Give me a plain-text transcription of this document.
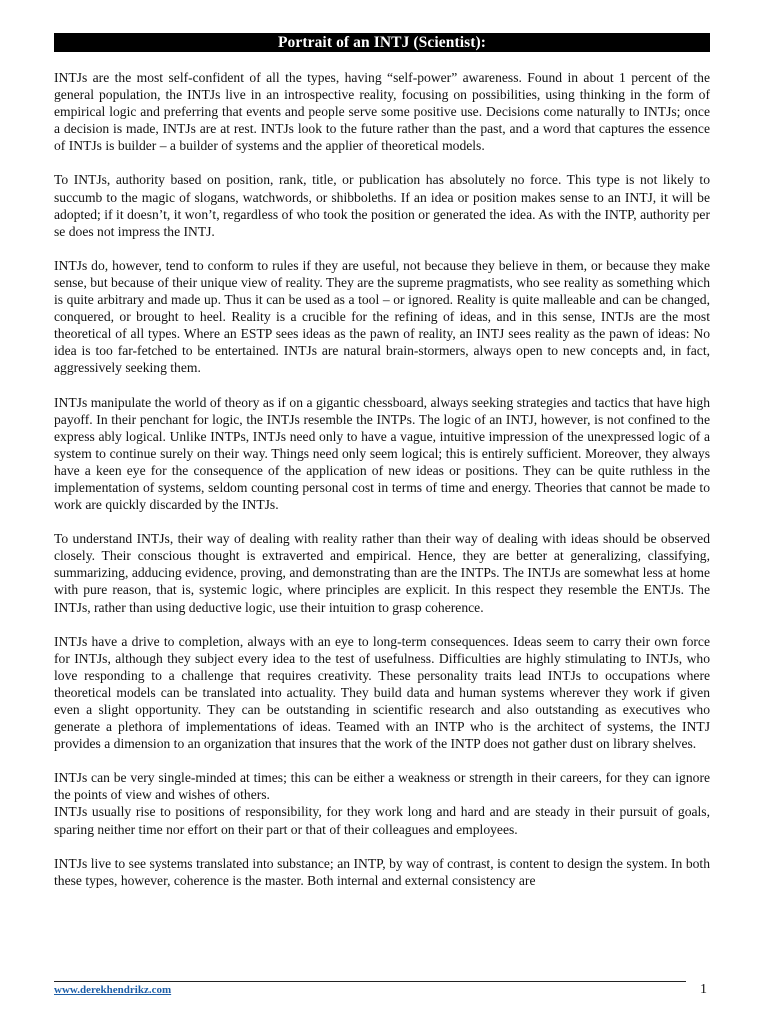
Portrait of an INTJ (Scientist):

INTJs are the most self-confident of all the types, having “self-power” awareness. Found in about 1 percent of the general population, the INTJs live in an introspective reality, focusing on possibilities, using thinking in the form of empirical logic and preferring that events and people serve some positive use. Decisions come naturally to INTJs; once a decision is made, INTJs are at rest. INTJs look to the future rather than the past, and a word that captures the essence of INTJs is builder – a builder of systems and the applier of theoretical models.

To INTJs, authority based on position, rank, title, or publication has absolutely no force. This type is not likely to succumb to the magic of slogans, watchwords, or shibboleths. If an idea or position makes sense to an INTJ, it will be adopted; if it doesn’t, it won’t, regardless of who took the position or generated the idea. As with the INTP, authority per se does not impress the INTJ.

INTJs do, however, tend to conform to rules if they are useful, not because they believe in them, or because they make sense, but because of their unique view of reality. They are the supreme pragmatists, who see reality as something which is quite arbitrary and made up. Thus it can be used as a tool – or ignored. Reality is quite malleable and can be changed, conquered, or brought to heel. Reality is a crucible for the refining of ideas, and in this sense, INTJs are the most theoretical of all types. Where an ESTP sees ideas as the pawn of reality, an INTJ sees reality as the pawn of ideas: No idea is too far-fetched to be entertained. INTJs are natural brain-stormers, always open to new concepts and, in fact, aggressively seeking them.

INTJs manipulate the world of theory as if on a gigantic chessboard, always seeking strategies and tactics that have high payoff. In their penchant for logic, the INTJs resemble the INTPs. The logic of an INTJ, however, is not confined to the express ably logical. Unlike INTPs, INTJs need only to have a vague, intuitive impression of the unexpressed logic of a system to continue surely on their way. Things need only seem logical; this is entirely sufficient. Moreover, they always have a keen eye for the consequence of the application of new ideas or positions. They can be quite ruthless in the implementation of systems, seldom counting personal cost in terms of time and energy. Theories that cannot be made to work are quickly discarded by the INTJs.

To understand INTJs, their way of dealing with reality rather than their way of dealing with ideas should be observed closely. Their conscious thought is extraverted and empirical. Hence, they are better at generalizing, classifying, summarizing, adducing evidence, proving, and demonstrating than are the INTPs. The INTJs are somewhat less at home with pure reason, that is, systemic logic, where principles are explicit. In this respect they resemble the ENTJs. The INTJs, rather than using deductive logic, use their intuition to grasp coherence.

INTJs have a drive to completion, always with an eye to long-term consequences. Ideas seem to carry their own force for INTJs, although they subject every idea to the test of usefulness. Difficulties are highly stimulating to INTJs, who love responding to a challenge that requires creativity. These personality traits lead INTJs to occupations where theoretical models can be translated into actuality. They build data and human systems wherever they work if given even a slight opportunity. They can be outstanding in scientific research and also outstanding as executives who generate a plethora of implementations of ideas. Teamed with an INTP who is the architect of systems, the INTJ provides a dimension to an organization that insures that the work of the INTP does not gather dust on library shelves.

INTJs can be very single-minded at times; this can be either a weakness or strength in their careers, for they can ignore the points of view and wishes of others.
INTJs usually rise to positions of responsibility, for they work long and hard and are steady in their pursuit of goals, sparing neither time nor effort on their part or that of their colleagues and employees.

INTJs live to see systems translated into substance; an INTP, by way of contrast, is content to design the system. In both these types, however, coherence is the master. Both internal and external consistency are

www.derekhendrikz.com	1
